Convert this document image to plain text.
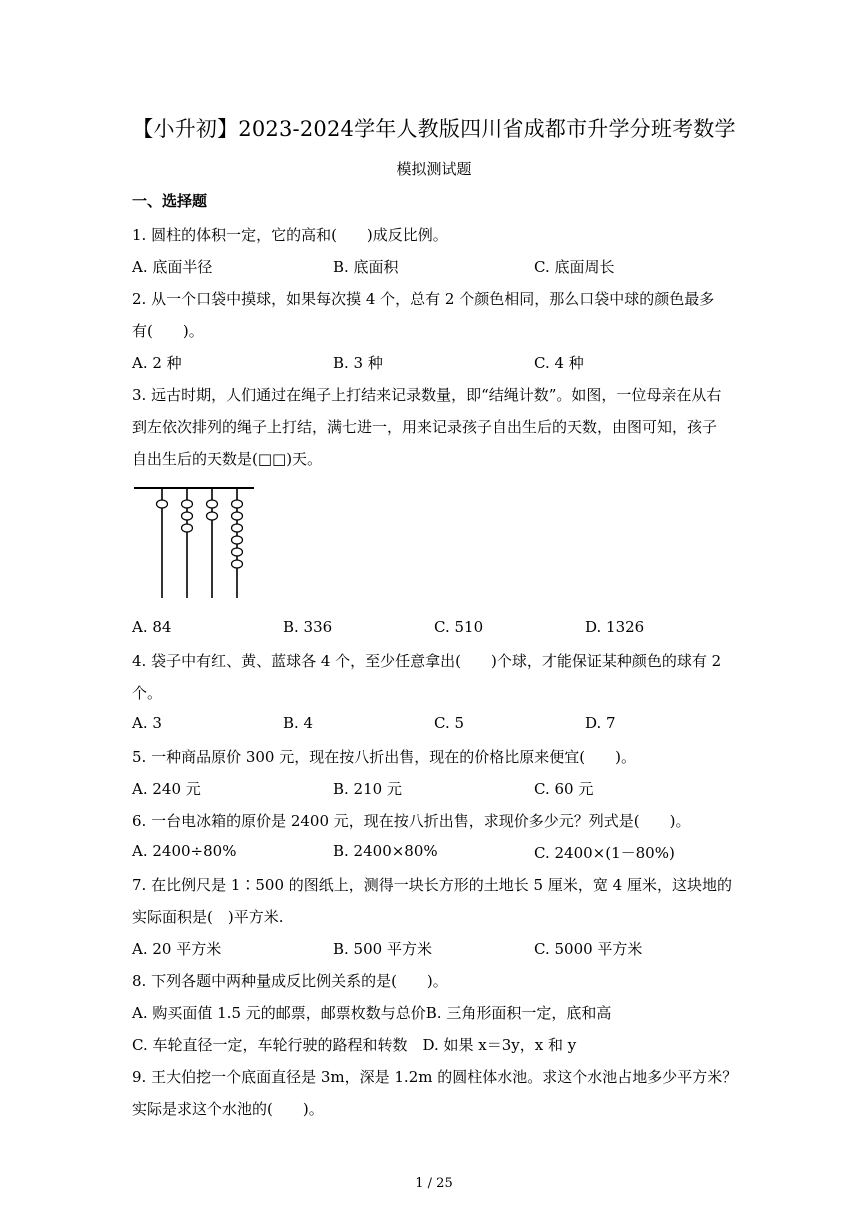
【小升初】2023-2024学年人教版四川省成都市升学分班考数学
模拟测试题
一、选择题
1. 圆柱的体积一定，它的高和(　　)成反比例。
A. 底面半径	B. 底面积	C. 底面周长
2. 从一个口袋中摸球，如果每次摸 4 个，总有 2 个颜色相同，那么口袋中球的颜色最多
有(　　)。
A. 2 种	B. 3 种	C. 4 种
3. 远古时期，人们通过在绳子上打结来记录数量，即“结绳计数”。如图，一位母亲在从右
到左依次排列的绳子上打结，满七进一，用来记录孩子自出生后的天数，由图可知，孩子
自出生后的天数是(□□)天。
A. 84	B. 336	C. 510	D. 1326
4. 袋子中有红、黄、蓝球各 4 个，至少任意拿出(　　)个球，才能保证某种颜色的球有 2
个。
A. 3	B. 4	C. 5	D. 7
5. 一种商品原价 300 元，现在按八折出售，现在的价格比原来便宜(　　)。
A. 240 元	B. 210 元	C. 60 元
6. 一台电冰箱的原价是 2400 元，现在按八折出售，求现价多少元？列式是(　　)。
A. 2400÷80%	B. 2400×80%	C. 2400×(1－80%)
7. 在比例尺是 1∶500 的图纸上，测得一块长方形的土地长 5 厘米，宽 4 厘米，这块地的
实际面积是(　)平方米.
A. 20 平方米	B. 500 平方米	C. 5000 平方米
8. 下列各题中两种量成反比例关系的是(　　)。
A. 购买面值 1.5 元的邮票，邮票枚数与总价B. 三角形面积一定，底和高
C. 车轮直径一定，车轮行驶的路程和转数　D. 如果 x＝3y，x 和 y
9. 王大伯挖一个底面直径是 3m，深是 1.2m 的圆柱体水池。求这个水池占地多少平方米？
实际是求这个水池的(　　)。
1 / 25
